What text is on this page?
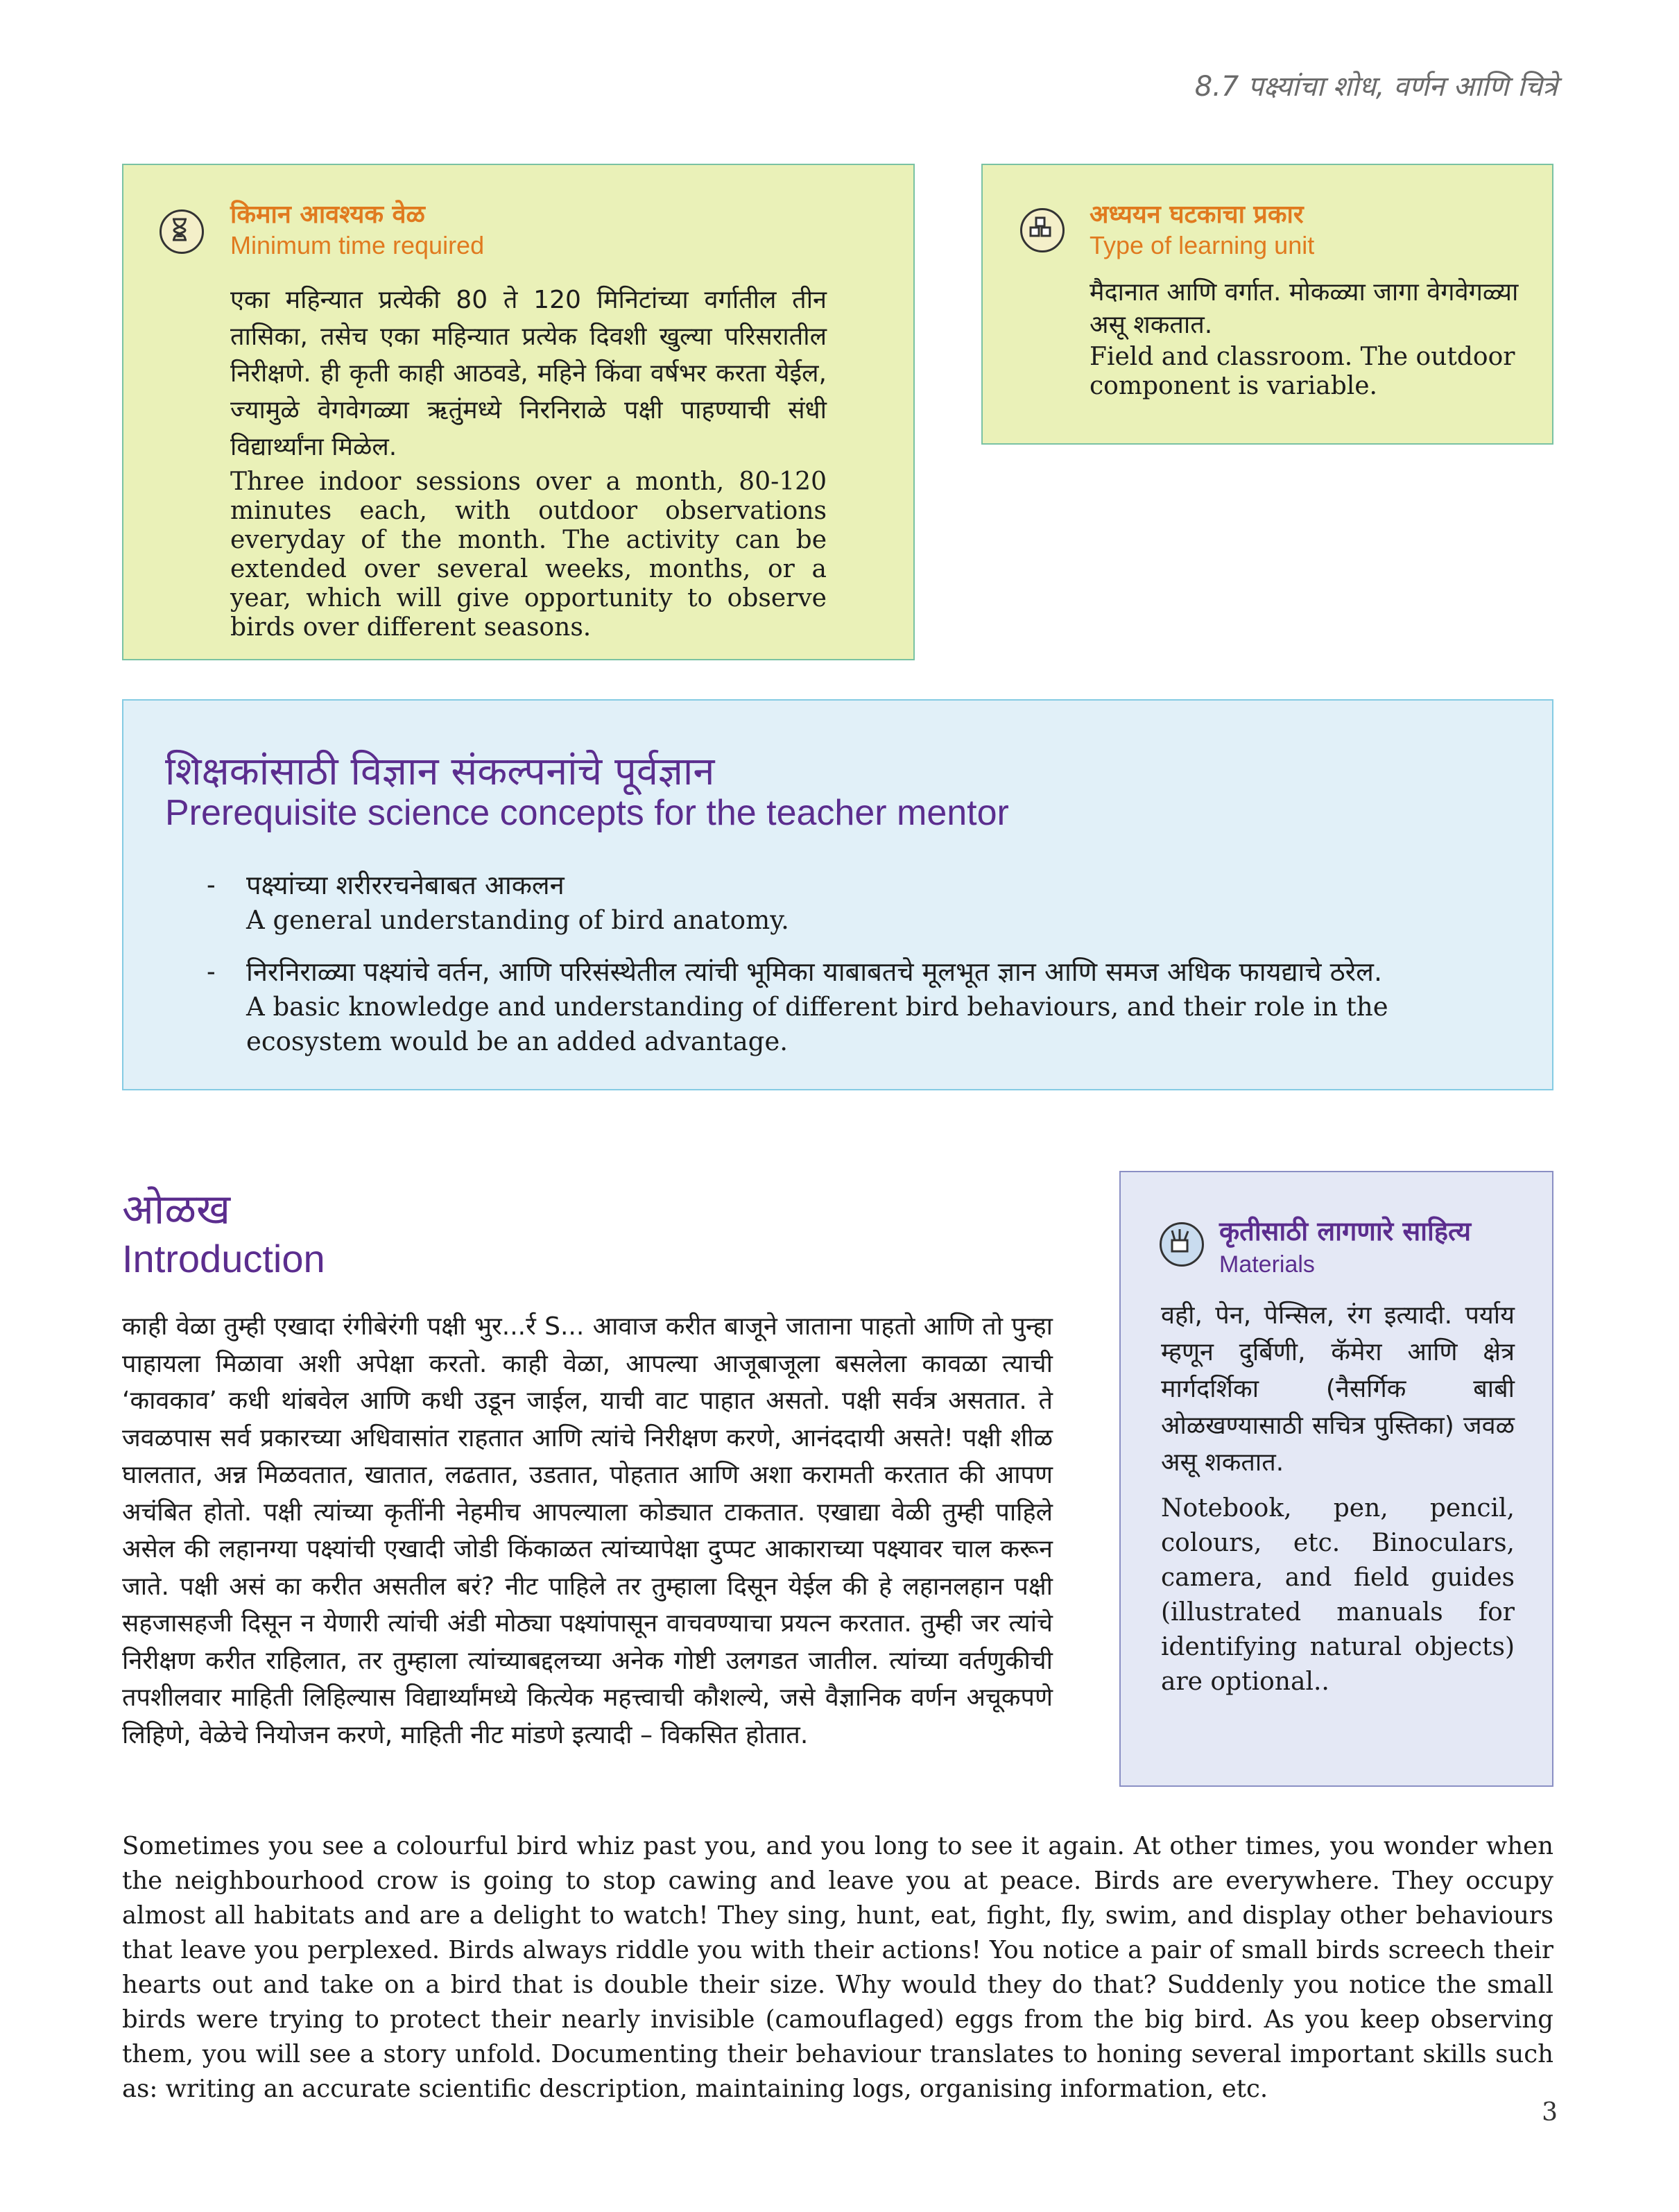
8.7 पक्ष्यांचा शोध, वर्णन आणि चित्रे
किमान आवश्यक वेळ
Minimum time required
एका महिन्यात प्रत्येकी 80 ते 120 मिनिटांच्या वर्गातील तीन तासिका, तसेच एका महिन्यात प्रत्येक दिवशी खुल्या परिसरातील निरीक्षणे. ही कृती काही आठवडे, महिने किंवा वर्षभर करता येईल, ज्यामुळे वेगवेगळ्या ऋतुंमध्ये निरनिराळे पक्षी पाहण्याची संधी विद्यार्थ्यांना मिळेल.
Three indoor sessions over a month, 80-120 minutes each, with outdoor observations everyday of the month. The activity can be extended over several weeks, months, or a year, which will give opportunity to observe birds over different seasons.
अध्ययन घटकाचा प्रकार
Type of learning unit
मैदानात आणि वर्गात. मोकळ्या जागा वेगवेगळ्या असू शकतात.
Field and classroom. The outdoor component is variable.
शिक्षकांसाठी विज्ञान संकल्पनांचे पूर्वज्ञान
Prerequisite science concepts for the teacher mentor
- पक्ष्यांच्या शरीररचनेबाबत आकलन
A general understanding of bird anatomy.
- निरनिराळ्या पक्ष्यांचे वर्तन, आणि परिसंस्थेतील त्यांची भूमिका याबाबतचे मूलभूत ज्ञान आणि समज अधिक फायद्याचे ठरेल.
A basic knowledge and understanding of different bird behaviours, and their role in the ecosystem would be an added advantage.
ओळख
Introduction
काही वेळा तुम्ही एखादा रंगीबेरंगी पक्षी भुर...र्र S... आवाज करीत बाजूने जाताना पाहतो आणि तो पुन्हा पाहायला मिळावा अशी अपेक्षा करतो. काही वेळा, आपल्या आजूबाजूला बसलेला कावळा त्याची ‘कावकाव’ कधी थांबवेल आणि कधी उडून जाईल, याची वाट पाहात असतो. पक्षी सर्वत्र असतात. ते जवळपास सर्व प्रकारच्या अधिवासांत राहतात आणि त्यांचे निरीक्षण करणे, आनंददायी असते! पक्षी शीळ घालतात, अन्न मिळवतात, खातात, लढतात, उडतात, पोहतात आणि अशा करामती करतात की आपण अचंबित होतो. पक्षी त्यांच्या कृतींनी नेहमीच आपल्याला कोड्यात टाकतात. एखाद्या वेळी तुम्ही पाहिले असेल की लहानग्या पक्ष्यांची एखादी जोडी किंकाळत त्यांच्यापेक्षा दुप्पट आकाराच्या पक्ष्यावर चाल करून जाते. पक्षी असं का करीत असतील बरं? नीट पाहिले तर तुम्हाला दिसून येईल की हे लहानलहान पक्षी सहजासहजी दिसून न येणारी त्यांची अंडी मोठ्या पक्ष्यांपासून वाचवण्याचा प्रयत्न करतात. तुम्ही जर त्यांचे निरीक्षण करीत राहिलात, तर तुम्हाला त्यांच्याबद्दलच्या अनेक गोष्टी उलगडत जातील. त्यांच्या वर्तणुकीची तपशीलवार माहिती लिहिल्यास विद्यार्थ्यांमध्ये कित्येक महत्त्वाची कौशल्ये, जसे वैज्ञानिक वर्णन अचूकपणे लिहिणे, वेळेचे नियोजन करणे, माहिती नीट मांडणे इत्यादी – विकसित होतात.
Sometimes you see a colourful bird whiz past you, and you long to see it again. At other times, you wonder when the neighbourhood crow is going to stop cawing and leave you at peace. Birds are everywhere. They occupy almost all habitats and are a delight to watch! They sing, hunt, eat, fight, fly, swim, and display other behaviours that leave you perplexed. Birds always riddle you with their actions! You notice a pair of small birds screech their hearts out and take on a bird that is double their size. Why would they do that? Suddenly you notice the small birds were trying to protect their nearly invisible (camouflaged) eggs from the big bird. As you keep observing them, you will see a story unfold. Documenting their behaviour translates to honing several important skills such as: writing an accurate scientific description, maintaining logs, organising information, etc.
कृतीसाठी लागणारे साहित्य
Materials
वही, पेन, पेन्सिल, रंग इत्यादी. पर्याय म्हणून दुर्बिणी, कॅमेरा आणि क्षेत्र मार्गदर्शिका (नैसर्गिक बाबी ओळखण्यासाठी सचित्र पुस्तिका) जवळ असू शकतात.
Notebook, pen, pencil, colours, etc. Binoculars, camera, and field guides (illustrated manuals for identifying natural objects) are optional..
3
